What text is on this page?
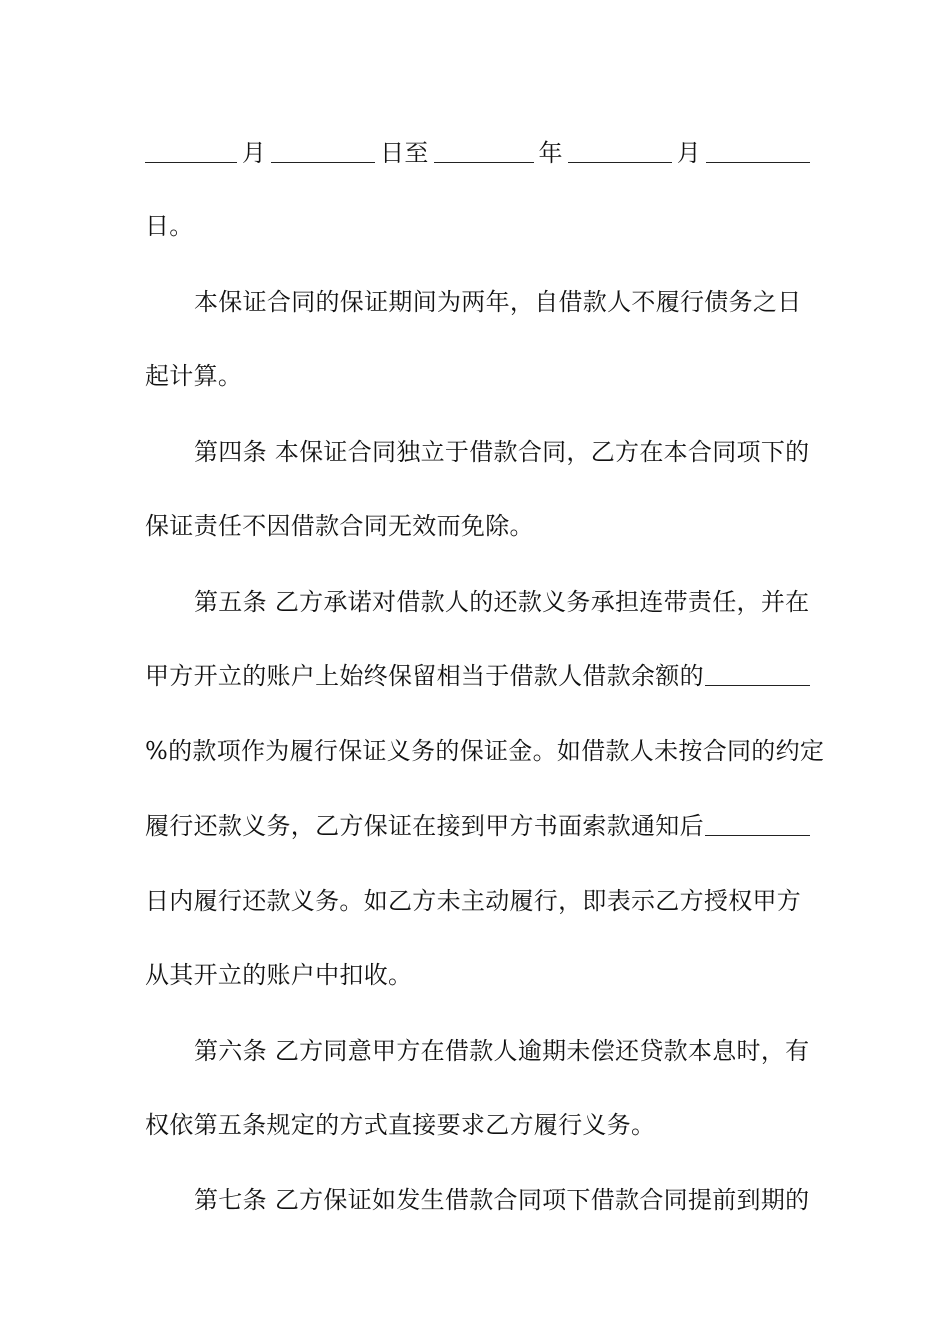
月	日至	年	月
日。
本保证合同的保证期间为两年，自借款人不履行债务之日
起计算。
第四条 本保证合同独立于借款合同，乙方在本合同项下的
保证责任不因借款合同无效而免除。
第五条 乙方承诺对借款人的还款义务承担连带责任，并在
甲方开立的账户上始终保留相当于借款人借款余额的
%的款项作为履行保证义务的保证金。如借款人未按合同的约定
履行还款义务，乙方保证在接到甲方书面索款通知后
日内履行还款义务。如乙方未主动履行，即表示乙方授权甲方
从其开立的账户中扣收。
第六条 乙方同意甲方在借款人逾期未偿还贷款本息时，有
权依第五条规定的方式直接要求乙方履行义务。
第七条 乙方保证如发生借款合同项下借款合同提前到期的
